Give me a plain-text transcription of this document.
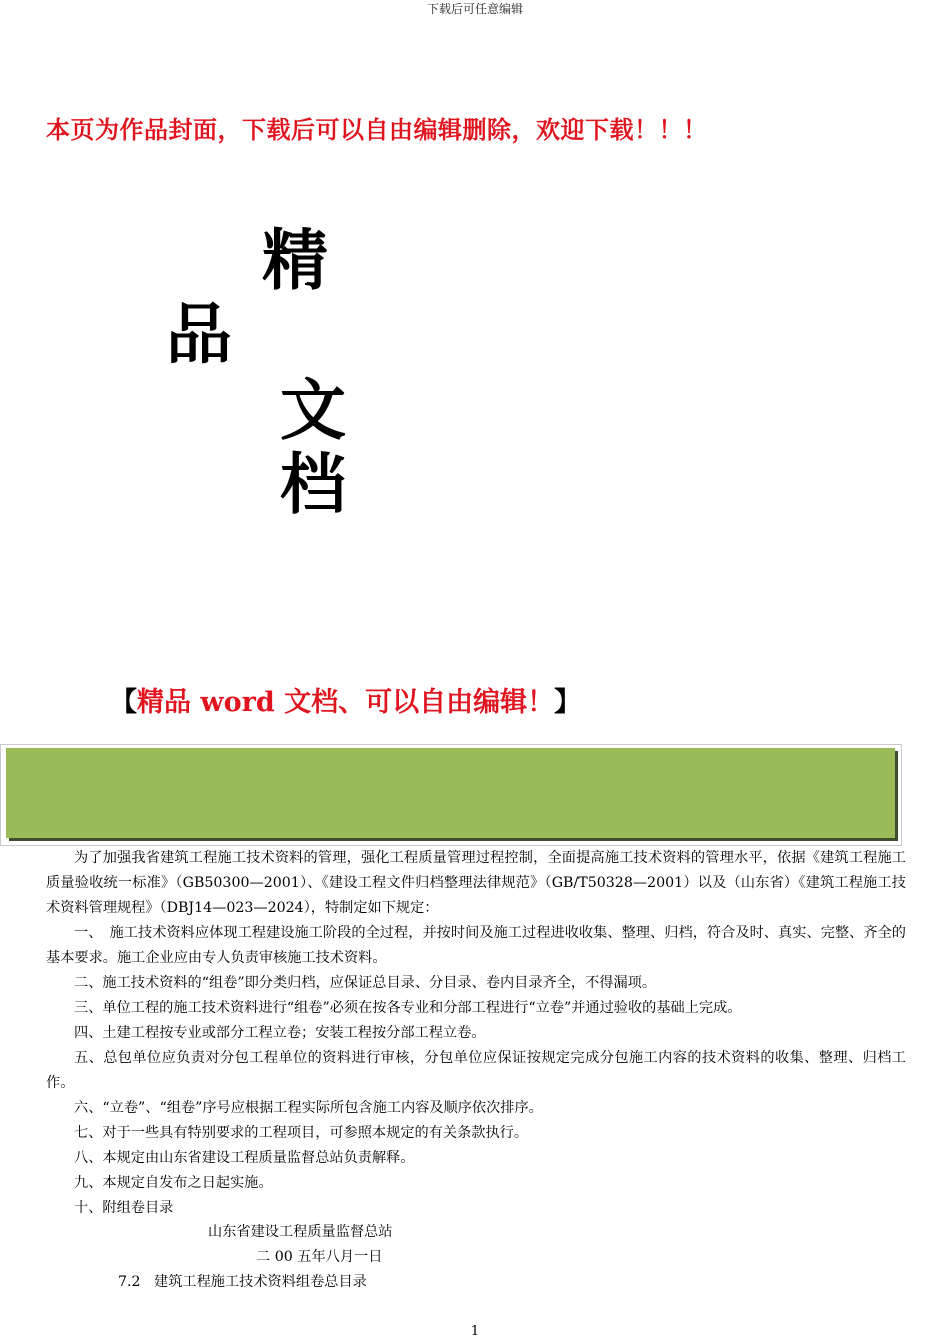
下载后可任意编辑
本页为作品封面，下载后可以自由编辑删除，欢迎下载！！！
精
品
文
档
【精品 word 文档、可以自由编辑！】

为了加强我省建筑工程施工技术资料的管理，强化工程质量管理过程控制，全面提高施工技术资料的管理水平，依据《建筑工程施工质量验收统一标准》（GB50300—2001）、《建设工程文件归档整理法律规范》（GB/T50328—2001）以及（山东省）《建筑工程施工技术资料管理规程》（DBJ14—023—2024），特制定如下规定：

一、　施工技术资料应体现工程建设施工阶段的全过程，并按时间及施工过程进收收集、整理、归档，符合及时、真实、完整、齐全的基本要求。施工企业应由专人负责审核施工技术资料。

二、施工技术资料的“组卷”即分类归档，应保证总目录、分目录、卷内目录齐全，不得漏项。

三、单位工程的施工技术资料进行“组卷”必须在按各专业和分部工程进行“立卷”并通过验收的基础上完成。

四、土建工程按专业或部分工程立卷；安装工程按分部工程立卷。

五、总包单位应负责对分包工程单位的资料进行审核，分包单位应保证按规定完成分包施工内容的技术资料的收集、整理、归档工作。

六、“立卷”、“组卷”序号应根据工程实际所包含施工内容及顺序依次排序。

七、对于一些具有特别要求的工程项目，可参照本规定的有关条款执行。

八、本规定由山东省建设工程质量监督总站负责解释。

九、本规定自发布之日起实施。

十、附组卷目录

山东省建设工程质量监督总站
二 00 五年八月一日
7.2 建筑工程施工技术资料组卷总目录
1
